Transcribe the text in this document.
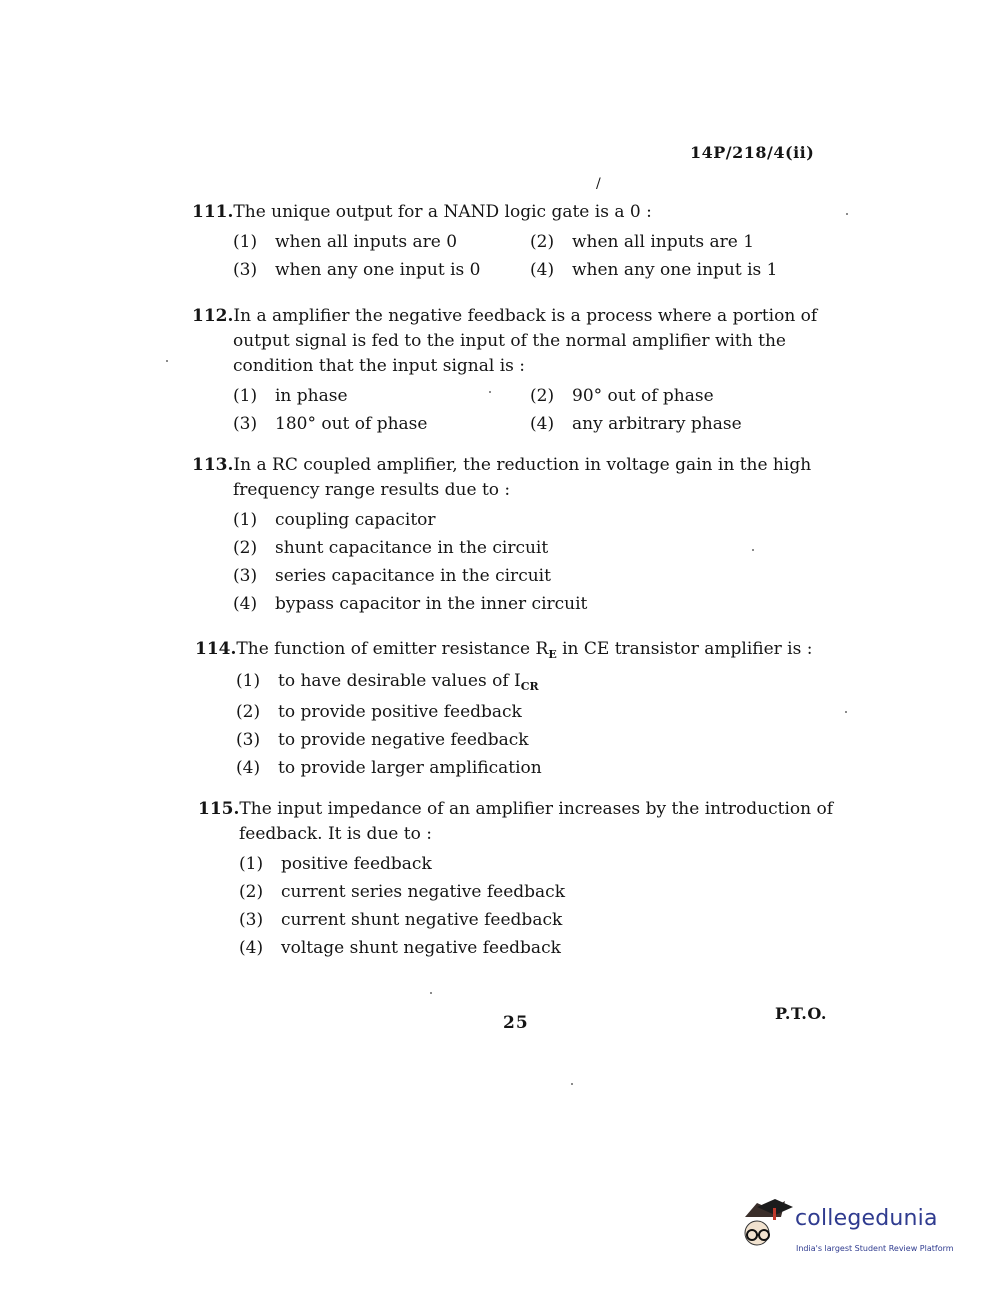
14P/218/4(ii)
/
111.The unique output for a NAND logic gate is a 0 :
(1)	when all inputs are 0	(2)	when all inputs are 1
(3)	when any one input is 0	(4)	when any one input is 1
112.In a amplifier the negative feedback is a process where a portion of
output signal is fed to the input of the normal amplifier with the
condition that the input signal is :
(1)	in phase	(2)	90° out of phase
(3)	180° out of phase	(4)	any arbitrary phase
113.In a RC coupled amplifier, the reduction in voltage gain in the high
frequency range results due to :
(1)	coupling capacitor
(2)	shunt capacitance in the circuit
(3)	series capacitance in the circuit
(4)	bypass capacitor in the inner circuit
114.The function of emitter resistance $R_E$ in CE transistor amplifier is :
(1)	to have desirable values of $I_{CR}$
(2)	to provide positive feedback
(3)	to provide negative feedback
(4)	to provide larger amplification
115.The input impedance of an amplifier increases by the introduction of
feedback. It is due to :
(1)	positive feedback
(2)	current series negative feedback
(3)	current shunt negative feedback
(4)	voltage shunt negative feedback
25	P.T.O.
collegedunia
India's largest Student Review Platform
